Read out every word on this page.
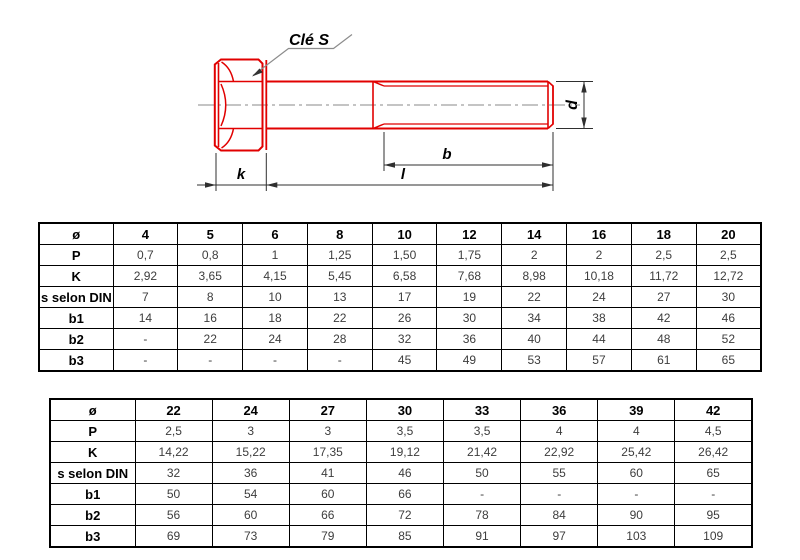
Clé S
k	l
b
d
ø	4	5	6	8	10	12	14	16	18	20
P	0,7	0,8	1	1,25	1,50	1,75	2	2	2,5	2,5
K	2,92	3,65	4,15	5,45	6,58	7,68	8,98	10,18	11,72	12,72
s selon DIN	7	8	10	13	17	19	22	24	27	30
b1	14	16	18	22	26	30	34	38	42	46
b2	-	22	24	28	32	36	40	44	48	52
b3	-	-	-	-	45	49	53	57	61	65
ø	22	24	27	30	33	36	39	42
P	2,5	3	3	3,5	3,5	4	4	4,5
K	14,22	15,22	17,35	19,12	21,42	22,92	25,42	26,42
s selon DIN	32	36	41	46	50	55	60	65
b1	50	54	60	66	-	-	-	-
b2	56	60	66	72	78	84	90	95
b3	69	73	79	85	91	97	103	109
